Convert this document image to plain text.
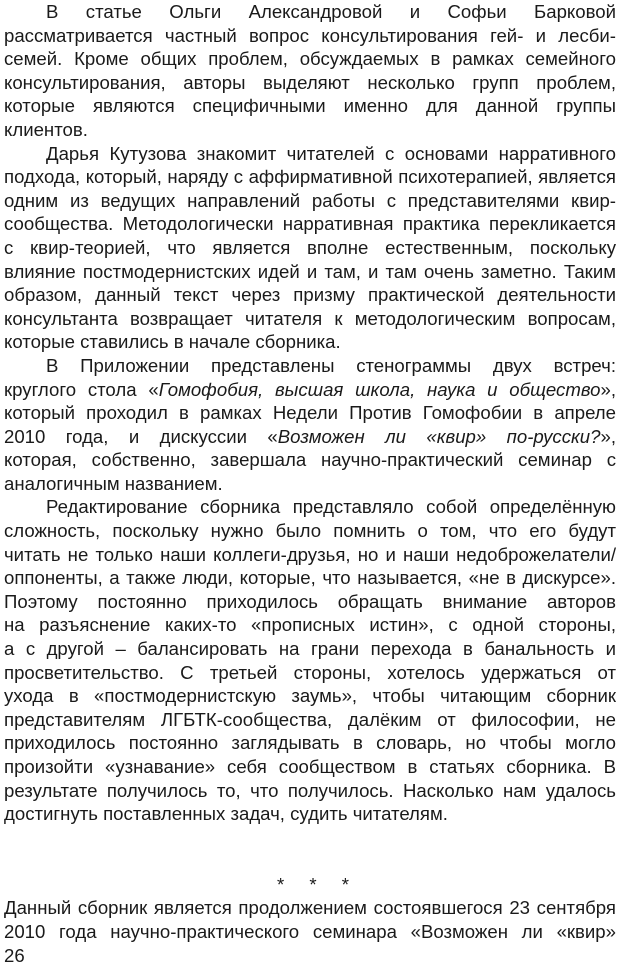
В статье Ольги Александровой и Софьи Барковой
рассматривается частный вопрос консультирования гей- и лесби-
семей. Кроме общих проблем, обсуждаемых в рамках семейного
консультирования, авторы выделяют несколько групп проблем,
которые являются специфичными именно для данной группы
клиентов.
Дарья Кутузова знакомит читателей с основами нарративного
подхода, который, наряду с аффирмативной психотерапией, является
одним из ведущих направлений работы с представителями квир-
сообщества. Методологически нарративная практика перекликается
с квир-теорией, что является вполне естественным, поскольку
влияние постмодернистских идей и там, и там очень заметно. Таким
образом, данный текст через призму практической деятельности
консультанта возвращает читателя к методологическим вопросам,
которые ставились в начале сборника.
В Приложении представлены стенограммы двух встреч:
круглого стола «Гомофобия, высшая школа, наука и общество»,
который проходил в рамках Недели Против Гомофобии в апреле
2010 года, и дискуссии «Возможен ли «квир» по-русски?»,
которая, собственно, завершала научно-практический семинар с
аналогичным названием.
Редактирование сборника представляло собой определённую
сложность, поскольку нужно было помнить о том, что его будут
читать не только наши коллеги-друзья, но и наши недоброжелатели/
оппоненты, а также люди, которые, что называется, «не в дискурсе».
Поэтому постоянно приходилось обращать внимание авторов
на разъяснение каких-то «прописных истин», с одной стороны,
а с другой – балансировать на грани перехода в банальность и
просветительство. С третьей стороны, хотелось удержаться от
ухода в «постмодернистскую заумь», чтобы читающим сборник
представителям ЛГБТК-сообщества, далёким от философии, не
приходилось постоянно заглядывать в словарь, но чтобы могло
произойти «узнавание» себя сообществом в статьях сборника. В
результате получилось то, что получилось. Насколько нам удалось
достигнуть поставленных задач, судить читателям.
* * *
Данный сборник является продолжением состоявшегося 23 сентября
2010 года научно-практического семинара «Возможен ли «квир»
26
